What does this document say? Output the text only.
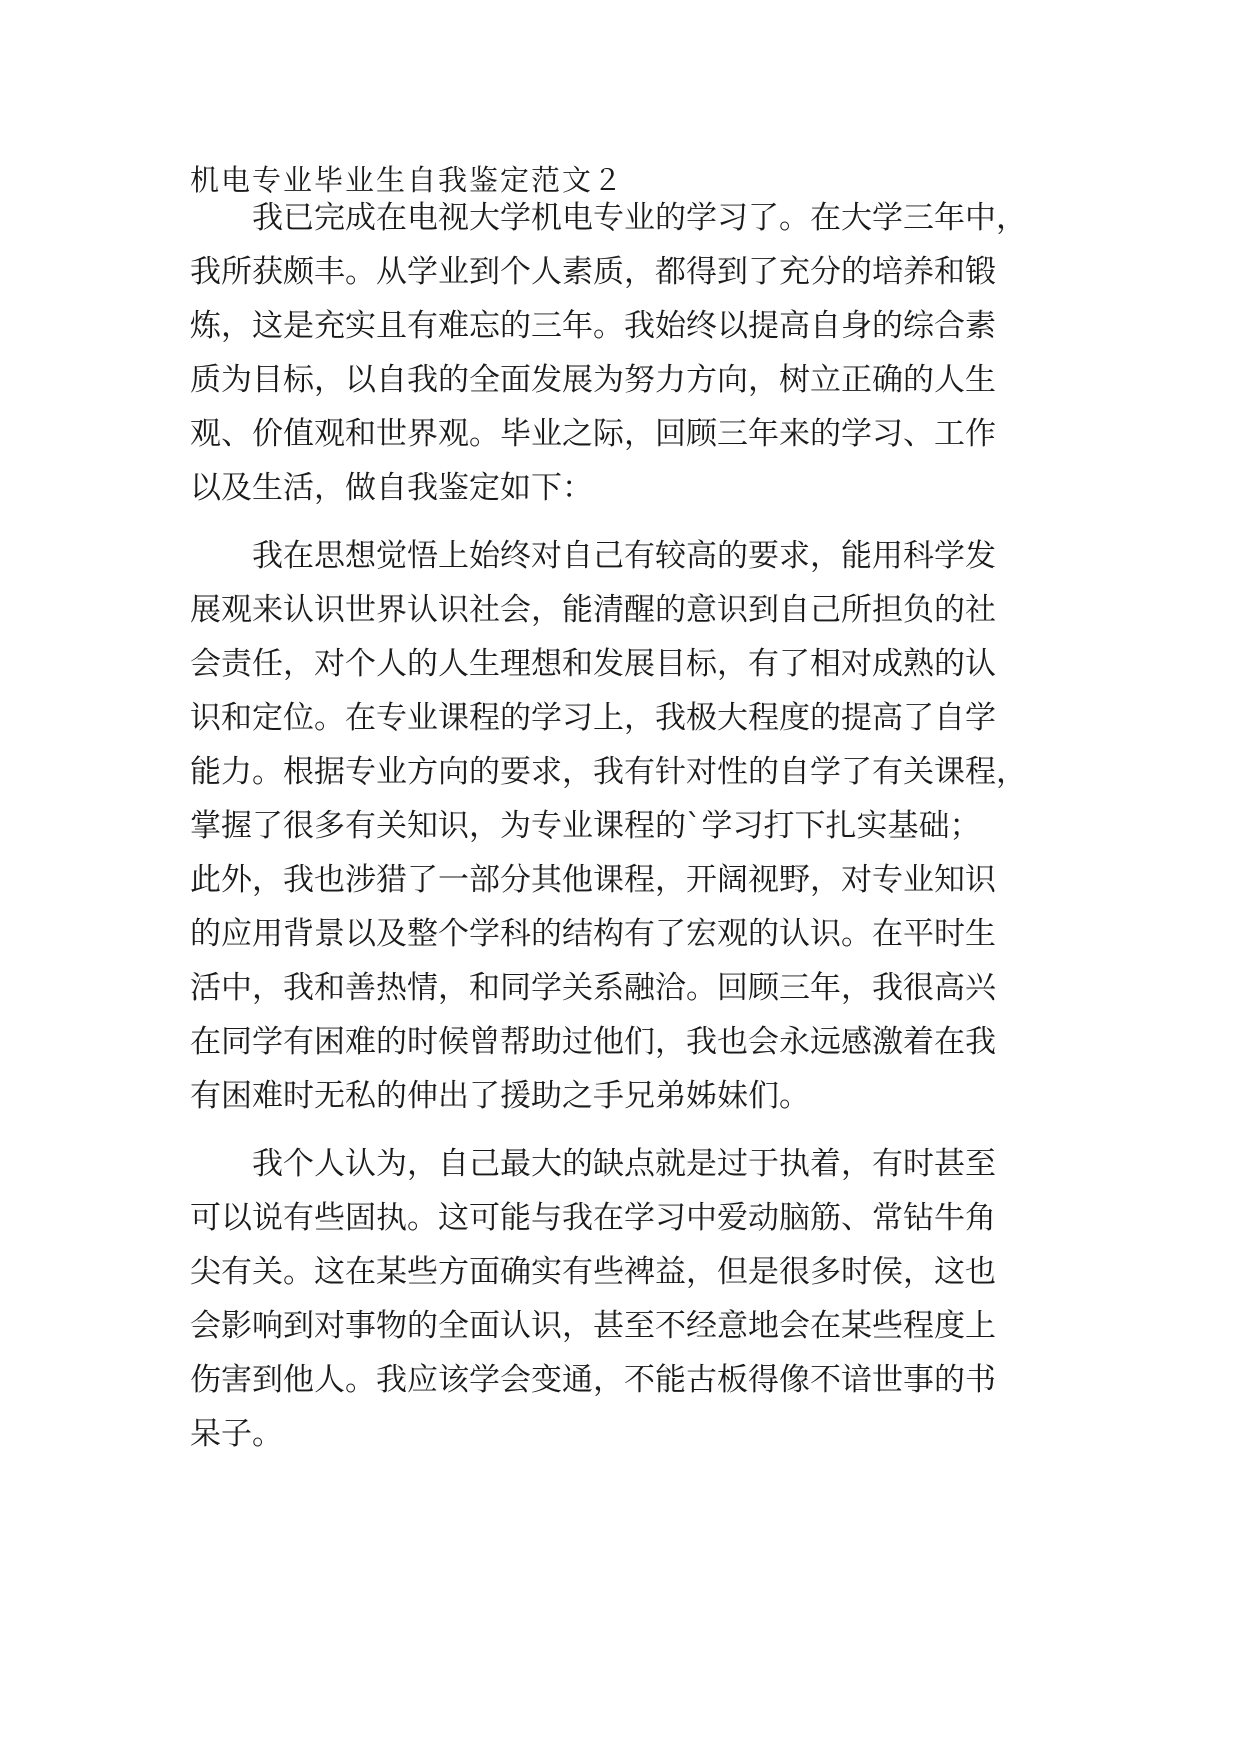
机电专业毕业生自我鉴定范文２

我已完成在电视大学机电专业的学习了。在大学三年中，

我所获颇丰。从学业到个人素质，都得到了充分的培养和锻

炼，这是充实且有难忘的三年。我始终以提高自身的综合素

质为目标，以自我的全面发展为努力方向，树立正确的人生

观、价值观和世界观。毕业之际，回顾三年来的学习、工作

以及生活，做自我鉴定如下：

我在思想觉悟上始终对自己有较高的要求，能用科学发

展观来认识世界认识社会，能清醒的意识到自己所担负的社

会责任，对个人的人生理想和发展目标，有了相对成熟的认

识和定位。在专业课程的学习上，我极大程度的提高了自学

能力。根据专业方向的要求，我有针对性的自学了有关课程，

掌握了很多有关知识，为专业课程的`学习打下扎实基础；

此外，我也涉猎了一部分其他课程，开阔视野，对专业知识

的应用背景以及整个学科的结构有了宏观的认识。在平时生

活中，我和善热情，和同学关系融洽。回顾三年，我很高兴

在同学有困难的时候曾帮助过他们，我也会永远感激着在我

有困难时无私的伸出了援助之手兄弟姊妹们。

我个人认为，自己最大的缺点就是过于执着，有时甚至

可以说有些固执。这可能与我在学习中爱动脑筋、常钻牛角

尖有关。这在某些方面确实有些裨益，但是很多时侯，这也

会影响到对事物的全面认识，甚至不经意地会在某些程度上

伤害到他人。我应该学会变通，不能古板得像不谙世事的书

呆子。
